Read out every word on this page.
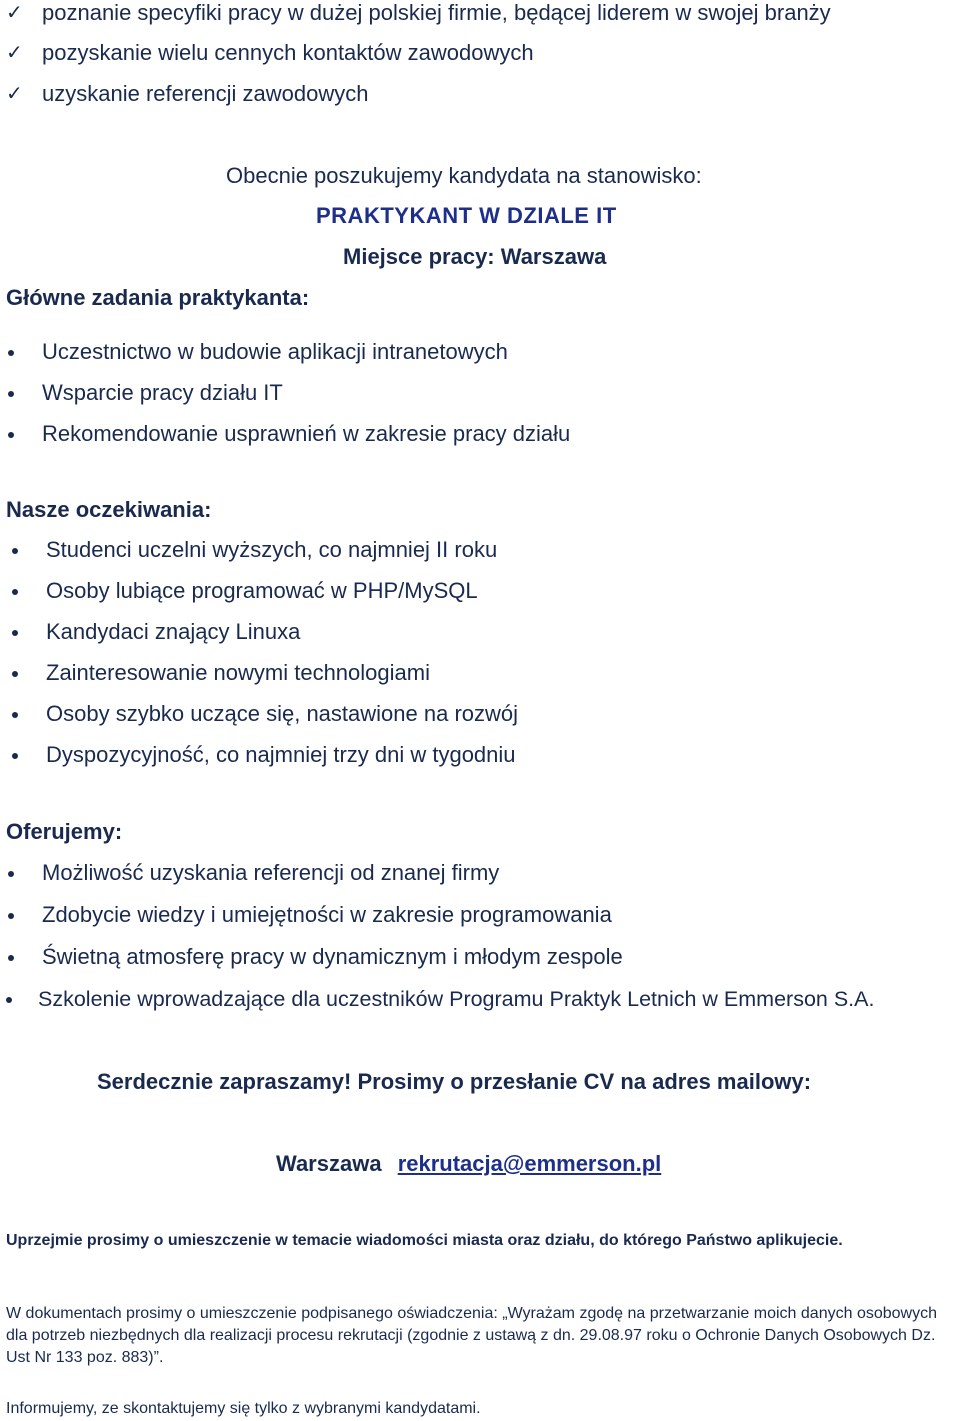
✓ poznanie specyfiki pracy w dużej polskiej firmie, będącej liderem w swojej branży
✓ pozyskanie wielu cennych kontaktów zawodowych
✓ uzyskanie referencji zawodowych
Obecnie poszukujemy kandydata na stanowisko:
PRAKTYKANT W DZIALE IT
Miejsce pracy: Warszawa
Główne zadania praktykanta:
Uczestnictwo w budowie aplikacji intranetowych
Wsparcie pracy działu IT
Rekomendowanie usprawnień w zakresie pracy działu
Nasze oczekiwania:
Studenci uczelni wyższych, co najmniej II roku
Osoby lubiące programować w PHP/MySQL
Kandydaci znający Linuxa
Zainteresowanie nowymi technologiami
Osoby szybko uczące się, nastawione na rozwój
Dyspozycyjność, co najmniej trzy dni w tygodniu
Oferujemy:
Możliwość uzyskania referencji od znanej firmy
Zdobycie wiedzy i umiejętności w zakresie programowania
Świetną atmosferę pracy w dynamicznym i młodym zespole
Szkolenie wprowadzające dla uczestników Programu Praktyk Letnich w Emmerson S.A.
Serdecznie zapraszamy! Prosimy o przesłanie CV na adres mailowy:
Warszawa rekrutacja@emmerson.pl
Uprzejmie prosimy o umieszczenie w temacie wiadomości miasta oraz działu, do którego Państwo aplikujecie.
W dokumentach prosimy o umieszczenie podpisanego oświadczenia: „Wyrażam zgodę na przetwarzanie moich danych osobowych dla potrzeb niezbędnych dla realizacji procesu rekrutacji (zgodnie z ustawą z dn. 29.08.97 roku o Ochronie Danych Osobowych Dz. Ust Nr 133 poz. 883)”.
Informujemy, ze skontaktujemy się tylko z wybranymi kandydatami.
